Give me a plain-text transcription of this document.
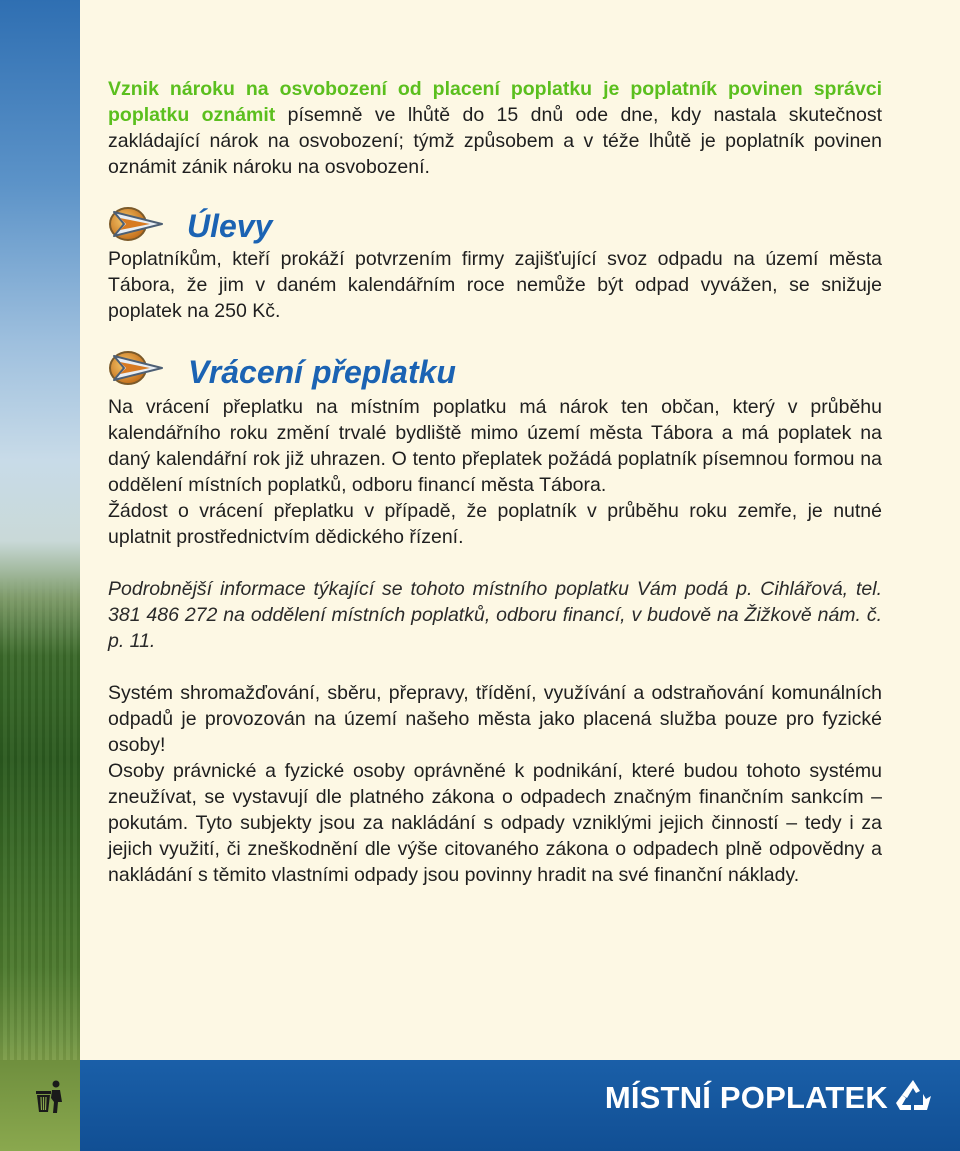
Vznik nároku na osvobození od placení poplatku je poplatník povinen správci poplatku oznámit písemně ve lhůtě do 15 dnů ode dne, kdy nastala skutečnost zakládající nárok na osvobození; týmž způsobem a v téže lhůtě je poplatník povinen oznámit zánik nároku na osvobození.

Úlevy

Poplatníkům, kteří prokáží potvrzením firmy zajišťující svoz odpadu na území města Tábora, že jim v daném kalendářním roce nemůže být odpad vyvážen, se snižuje poplatek na 250 Kč.

Vrácení přeplatku

Na vrácení přeplatku na místním poplatku má nárok ten občan, který v průběhu kalendářního roku změní trvalé bydliště mimo území města Tábora a má poplatek na daný kalendářní rok již uhrazen. O tento přeplatek požádá poplatník písemnou formou na oddělení místních poplatků, odboru financí města Tábora.

Žádost o vrácení přeplatku v případě, že poplatník v průběhu roku zemře, je nutné uplatnit prostřednictvím dědického řízení.

Podrobnější informace týkající se tohoto místního poplatku Vám podá p. Cihlářová, tel. 381 486 272 na oddělení místních poplatků, odboru financí, v budově na Žižkově nám. č. p. 11.

Systém shromažďování, sběru, přepravy, třídění, využívání a odstraňování komunálních odpadů je provozován na území našeho města jako placená služba pouze pro fyzické osoby!

Osoby právnické a fyzické osoby oprávněné k podnikání, které budou tohoto systému zneužívat, se vystavují dle platného zákona o odpadech značným finančním sankcím – pokutám. Tyto subjekty jsou za nakládání s odpady vzniklými jejich činností – tedy i za jejich využití, či zneškodnění dle výše citovaného zákona o odpadech plně odpovědny a nakládání s těmito vlastními odpady jsou povinny hradit na své finanční náklady.

MÍSTNÍ POPLATEK
